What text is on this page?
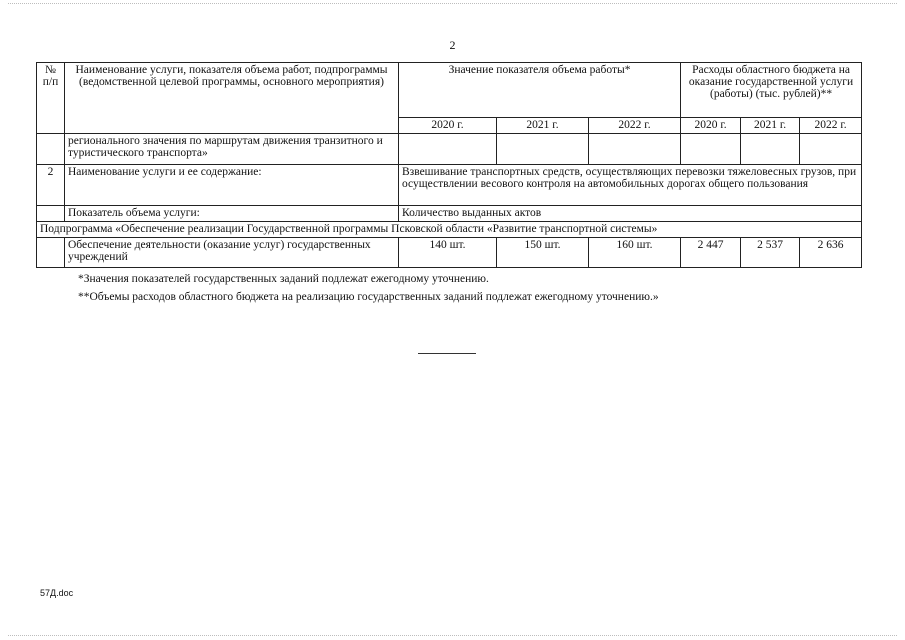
2
№ п/п	Наименование услуги, показателя объема работ, подпрограммы (ведомственной целевой программы, основного мероприятия)	Значение показателя объема работы*			Расходы областного бюджета на оказание государственной услуги (работы) (тыс. рублей)**		
		2020 г.	2021 г.	2022 г.	2020 г.	2021 г.	2022 г.
	регионального значения по маршрутам движения транзитного и туристического транспорта»						
2	Наименование услуги и ее содержание:	Взвешивание транспортных средств, осуществляющих перевозки тяжеловесных грузов, при осуществлении весового контроля на автомобильных дорогах общего пользования					
	Показатель объема услуги:	Количество выданных актов					
Подпрограмма «Обеспечение реализации Государственной программы Псковской области «Развитие транспортной системы»							
	Обеспечение деятельности (оказание услуг) государственных учреждений	140 шт.	150 шт.	160 шт.	2 447	2 537	2 636
*Значения показателей государственных заданий подлежат ежегодному уточнению.
**Объемы расходов областного бюджета на реализацию государственных заданий подлежат ежегодному уточнению.»
57Д.doc
